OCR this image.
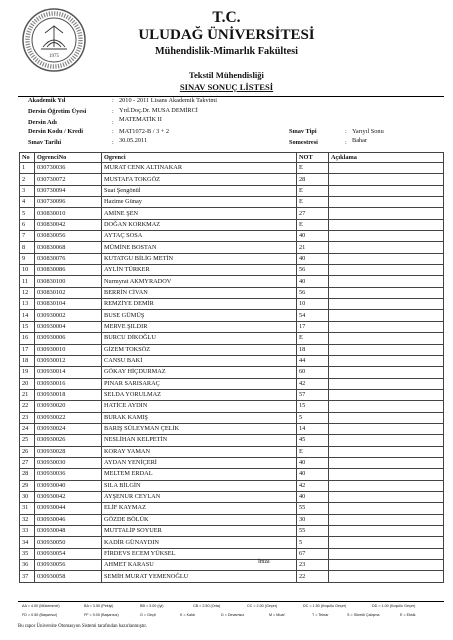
1975
T.C.
ULUDAĞ ÜNİVERSİTESİ
Mühendislik-Mimarlık Fakültesi
Tekstil Mühendisliği
SINAV SONUÇ LİSTESİ
Akademik Yıl	: 2010 - 2011 Lisans Akademik Takvimi
Dersin Öğretim Üyesi	: Yrd.Doç.Dr. MUSA DEMİRCİ
Dersin Adı	: MATEMATİK II
Dersin Kodu / Kredi	: MAT1072-B / 3 + 2
Sınav Tarihi	: 30.05.2011
Sınav Tipi	: Yarıyıl Sonu
Somestresi	: Bahar
No	OgrenciNo	Ogrenci	NOT	Açıklama
1	030730036	MURAT CENK ALTINAKAR	E	
2	030730072	MUSTAFA TOKGÖZ	28	
3	030730094	Suat Şengönül	E	
4	030730096	Hazime Günay	E	
5	030830010	AMİNE ŞEN	27	
6	030830042	DOĞAN KORKMAZ	E	
7	030830056	AYTAÇ SOSA	40	
8	030830068	MÜMİNE BOSTAN	21	
9	030830076	KUTATGU BİLİG METİN	40	
10	030830086	AYLİN TÜRKER	56	
11	030830100	Nurmyrat AKMYRADOV	40	
12	030830102	BERRİN CİVAN	56	
13	030830104	REMZİYE DEMİR	10	
14	030930002	BUSE GÜMÜŞ	54	
15	030930004	MERVE ŞILDIR	17	
16	030930006	BURCU DİKOĞLU	E	
17	030930010	GİZEM TOKSÖZ	18	
18	030930012	CANSU BAKİ	44	
19	030930014	GÖKAY HİÇDURMAZ	60	
20	030930016	PINAR SARISARAÇ	42	
21	030930018	SELDA YORULMAZ	57	
22	030930020	HATİCE AYDIN	15	
23	030930022	BURAK KAMIŞ	5	
24	030930024	BARIŞ SÜLEYMAN ÇELİK	14	
25	030930026	NESLİHAN KELPETİN	45	
26	030930028	KORAY YAMAN	E	
27	030930030	AYDAN YENİÇERİ	40	
28	030930036	MELTEM ERDAL	40	
29	030930040	SILA BİLGİN	42	
30	030930042	AYŞENUR CEYLAN	40	
31	030930044	ELİF KAYMAZ	55	
32	030930046	GÖZDE BÖLÜK	30	
33	030930048	MUTTALİP SOYUER	55	
34	030930050	KADİR GÜNAYDIN	5	
35	030930054	FİRDEVS ECEM YÜKSEL	67	
36	030930056	AHMET KARASU	23	
37	030930058	SEMİH MURAT YEMENOĞLU	22	
İmza
AA = 4.00 (Mükemmel)	BA = 3.50 (Pekiyi)	BB = 3.00 (İyi)	CB = 2.50 (Orta)	CC = 2.00 (Geçer)	DC = 1.50 (Koşullu Geçer)	DD = 1.00 (Koşullu Geçer)
FD = 0.50 (Başarısız)	FF = 0.00 (Başarısız)	G = Geçti	K = Kaldı	D = Devamsız	M = Muaf	T = Tekrar	S = Sürekli Çalışma	E = Eksik
Bu rapor Üniversite Otomasyon Sistemi tarafından hazırlanmıştır.
